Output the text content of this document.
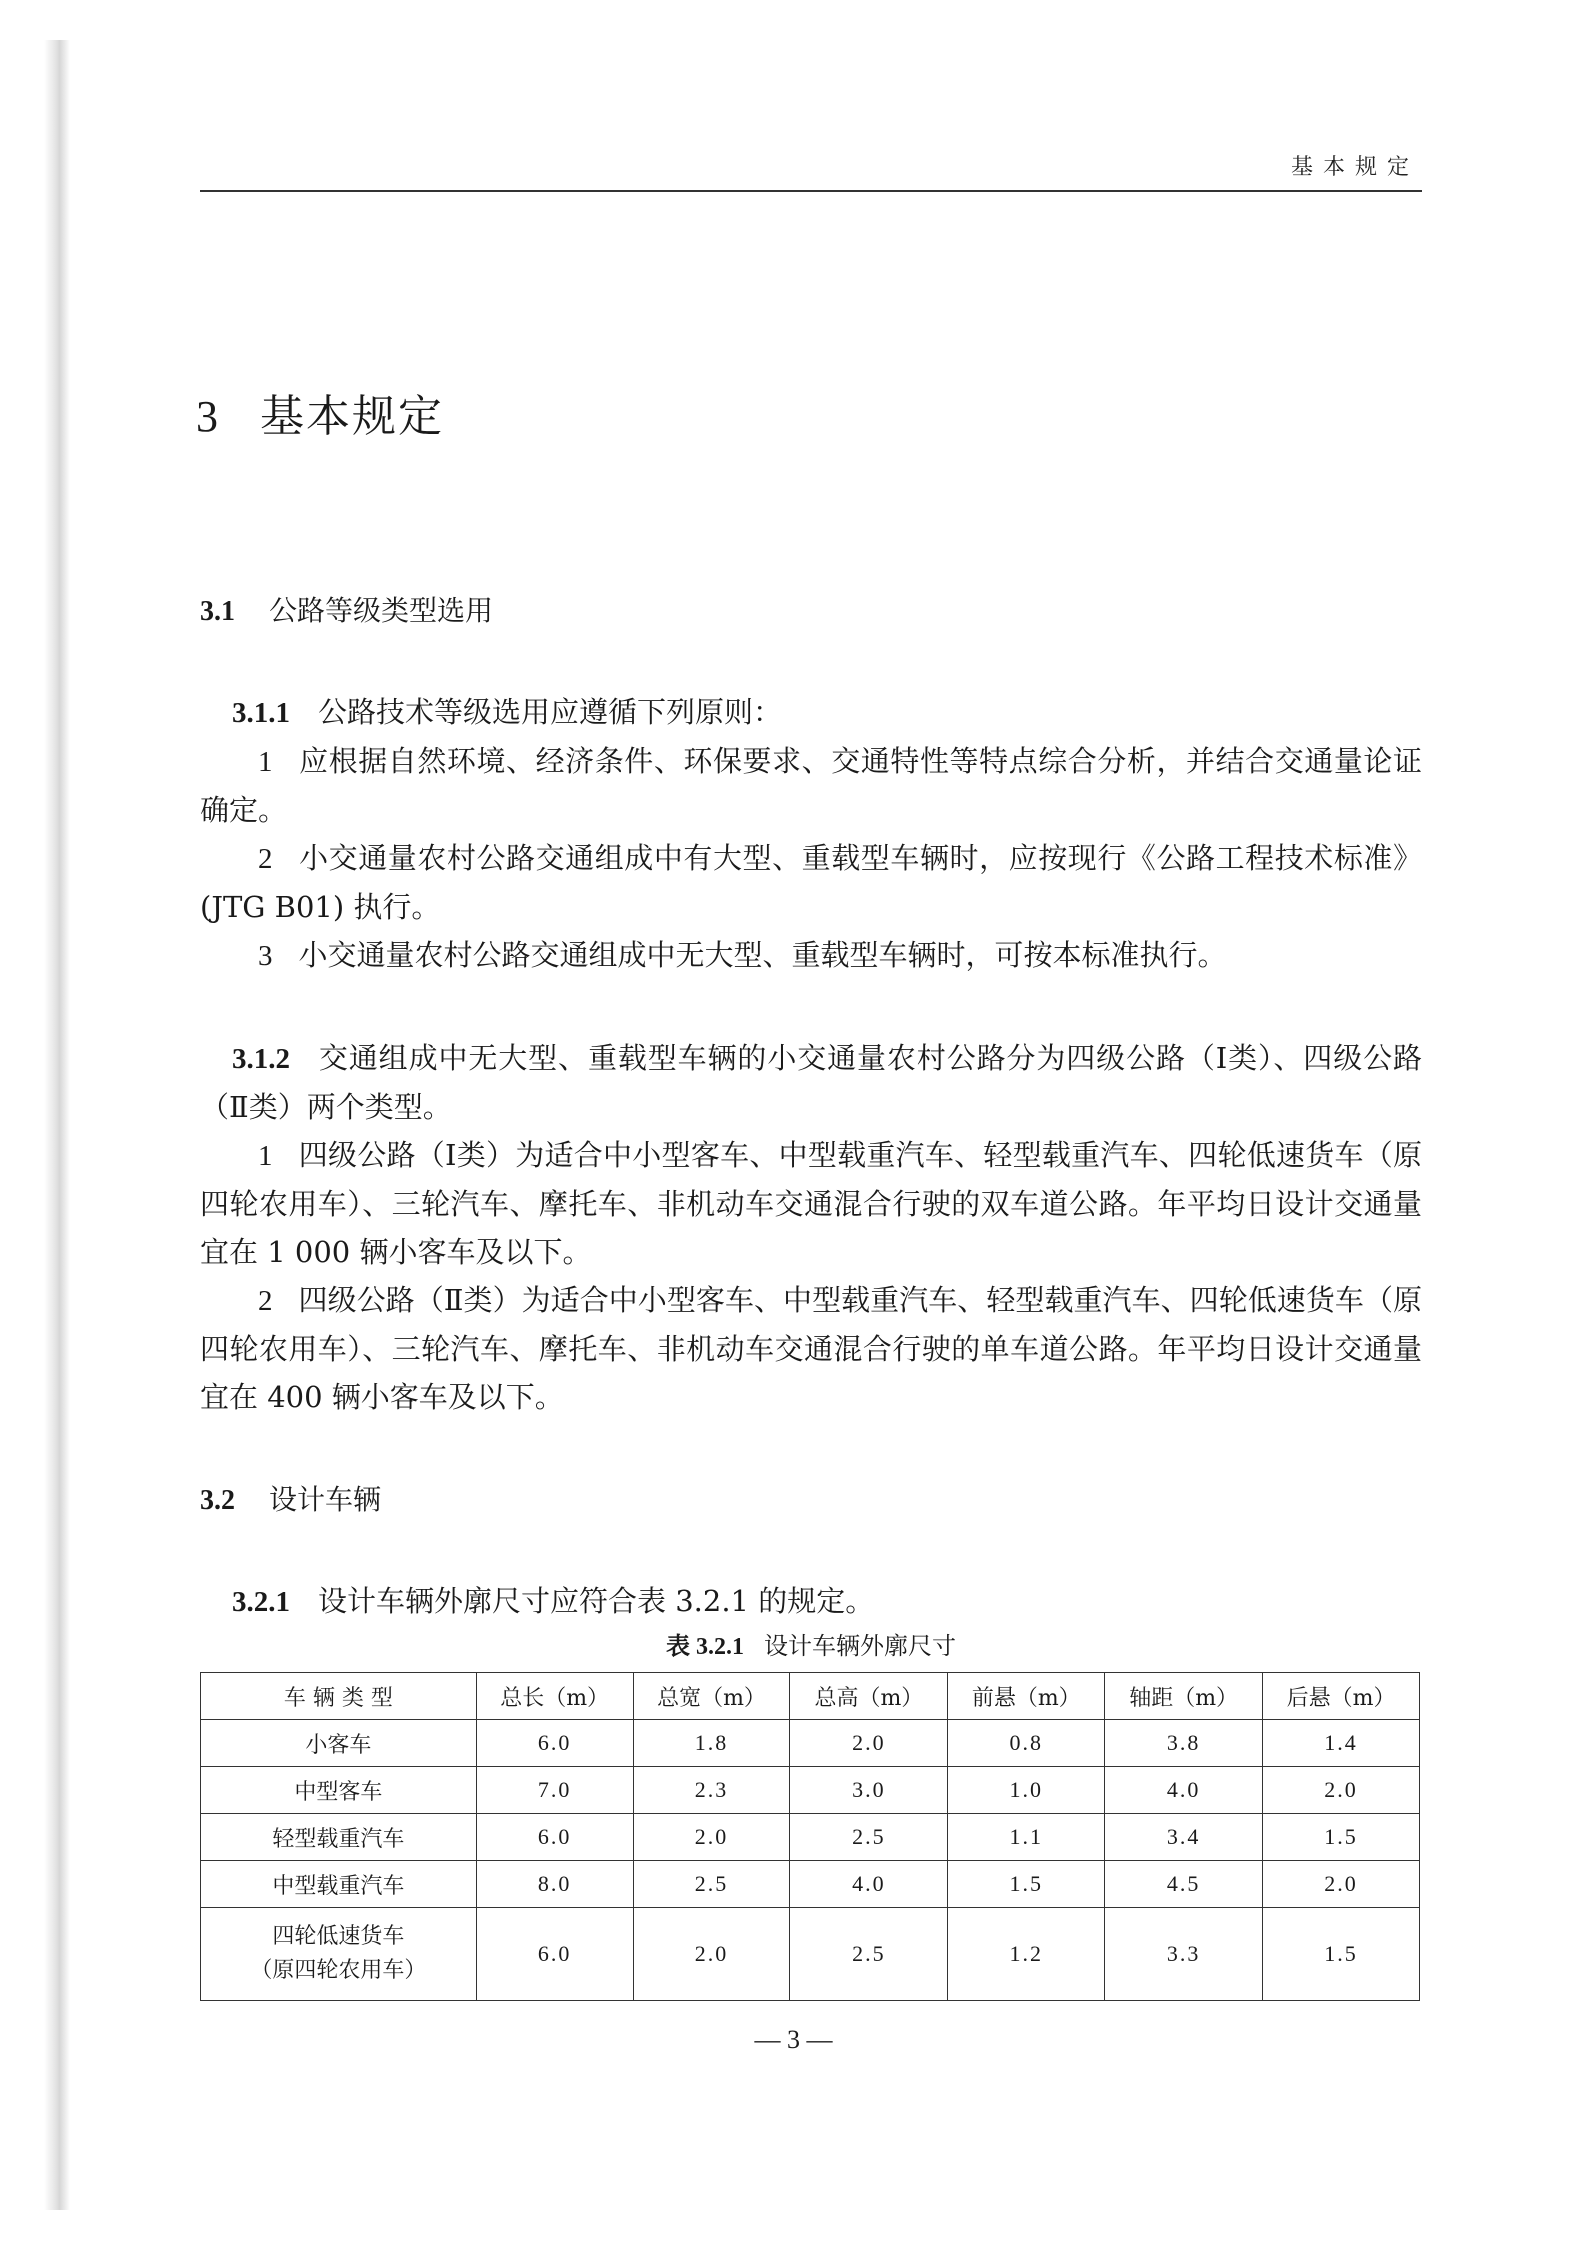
基本规定
3 基本规定
3.1 公路等级类型选用

3.1.1 公路技术等级选用应遵循下列原则：

1 应根据自然环境、经济条件、环保要求、交通特性等特点综合分析，并结合交通量论证确定。

2 小交通量农村公路交通组成中有大型、重载型车辆时，应按现行《公路工程技术标准》(JTG B01) 执行。

3 小交通量农村公路交通组成中无大型、重载型车辆时，可按本标准执行。

3.1.2 交通组成中无大型、重载型车辆的小交通量农村公路分为四级公路（Ⅰ类）、四级公路（Ⅱ类）两个类型。

1 四级公路（Ⅰ类）为适合中小型客车、中型载重汽车、轻型载重汽车、四轮低速货车（原四轮农用车）、三轮汽车、摩托车、非机动车交通混合行驶的双车道公路。年平均日设计交通量宜在 1 000 辆小客车及以下。

2 四级公路（Ⅱ类）为适合中小型客车、中型载重汽车、轻型载重汽车、四轮低速货车（原四轮农用车）、三轮汽车、摩托车、非机动车交通混合行驶的单车道公路。年平均日设计交通量宜在 400 辆小客车及以下。

3.2 设计车辆

3.2.1 设计车辆外廓尺寸应符合表 3.2.1 的规定。

表 3.2.1 设计车辆外廓尺寸

车 辆 类 型	总长（m）	总宽（m）	总高（m）	前悬（m）	轴距（m）	后悬（m）
小客车	6.0	1.8	2.0	0.8	3.8	1.4
中型客车	7.0	2.3	3.0	1.0	4.0	2.0
轻型载重汽车	6.0	2.0	2.5	1.1	3.4	1.5
中型载重汽车	8.0	2.5	4.0	1.5	4.5	2.0
四轮低速货车
（原四轮农用车）	6.0	2.0	2.5	1.2	3.3	1.5
— 3 —
